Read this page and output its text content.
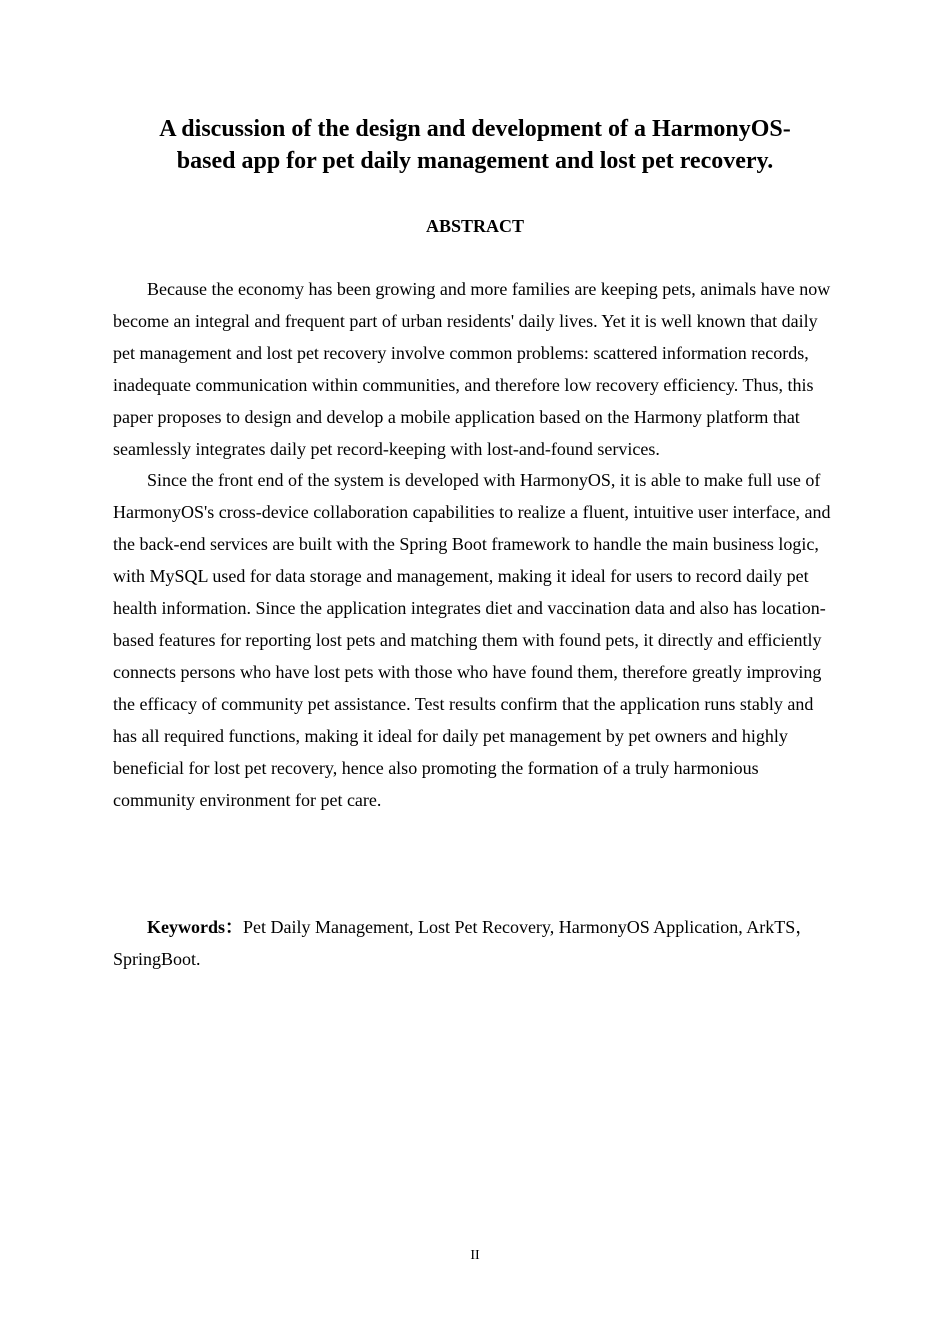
A discussion of the design and development of a HarmonyOS-
based app for pet daily management and lost pet recovery.
ABSTRACT

Because the economy has been growing and more families are keeping pets, animals have now become an integral and frequent part of urban residents' daily lives. Yet it is well known that daily pet management and lost pet recovery involve common problems: scattered information records, inadequate communication within communities, and therefore low recovery efficiency. Thus, this paper proposes to design and develop a mobile application based on the Harmony platform that seamlessly integrates daily pet record-keeping with lost-and-found services.

Since the front end of the system is developed with HarmonyOS, it is able to make full use of HarmonyOS's cross-device collaboration capabilities to realize a fluent, intuitive user interface, and the back-end services are built with the Spring Boot framework to handle the main business logic, with MySQL used for data storage and management, making it ideal for users to record daily pet health information. Since the application integrates diet and vaccination data and also has location-based features for reporting lost pets and matching them with found pets, it directly and efficiently connects persons who have lost pets with those who have found them, therefore greatly improving the efficacy of community pet assistance. Test results confirm that the application runs stably and has all required functions, making it ideal for daily pet management by pet owners and highly beneficial for lost pet recovery, hence also promoting the formation of a truly harmonious community environment for pet care.

Keywords：Pet Daily Management, Lost Pet Recovery, HarmonyOS Application, ArkTS，SpringBoot.

II
